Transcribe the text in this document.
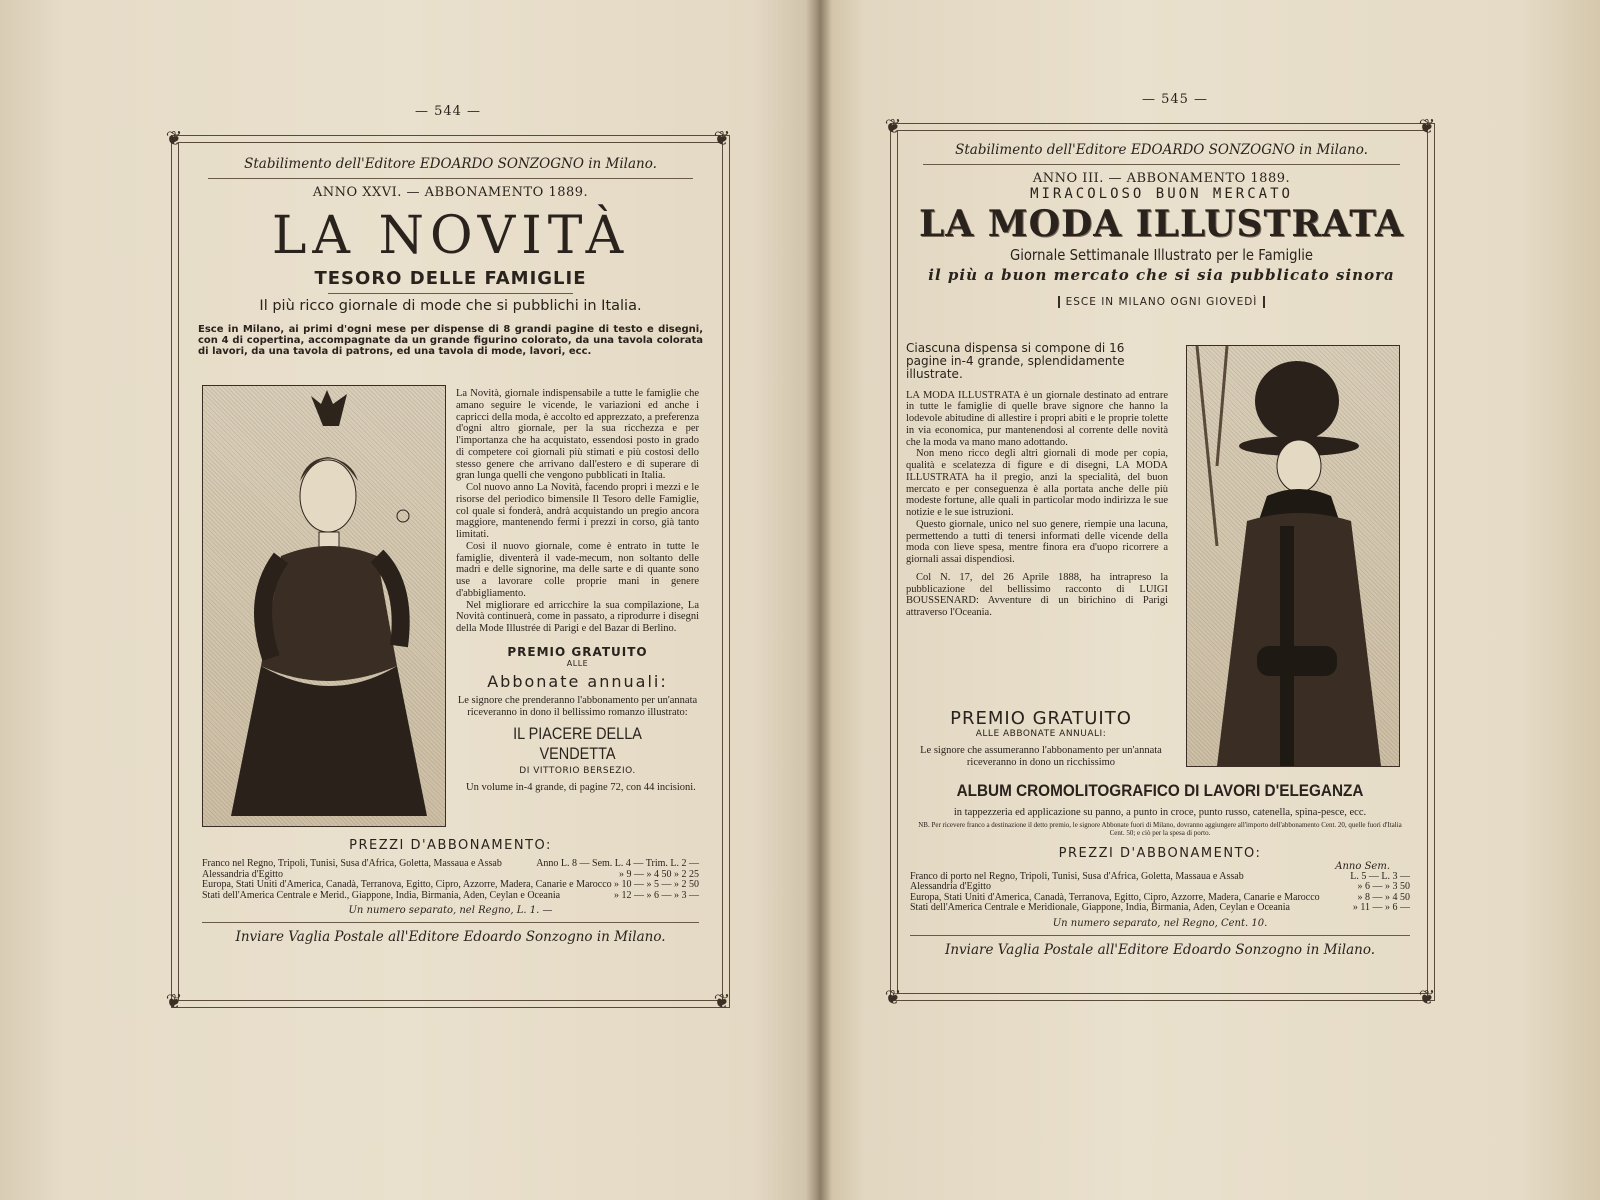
— 544 —
❦	❦
❦	❦
Stabilimento dell'Editore EDOARDO SONZOGNO in Milano.
ANNO XXVI. — ABBONAMENTO 1889.
LA NOVITÀ
TESORO DELLE FAMIGLIE
Il più ricco giornale di mode che si pubblichi in Italia.
Esce in Milano, ai primi d'ogni mese per dispense di 8 grandi pagine di testo e disegni, con 4 di copertina, accompagnate da un grande figurino colorato, da una tavola colorata di lavori, da una tavola di patrons, ed una tavola di mode, lavori, ecc.
La Novità, giornale indispensabile a tutte le famiglie che amano seguire le vicende, le variazioni ed anche i capricci della moda, è accolto ed apprezzato, a preferenza d'ogni altro giornale, per la sua ricchezza e per l'importanza che ha acquistato, essendosi posto in grado di competere coi giornali più stimati e più costosi dello stesso genere che arrivano dall'estero e di superare di gran lunga quelli che vengono pubblicati in Italia.
Col nuovo anno La Novità, facendo propri i mezzi e le risorse del periodico bimensile Il Tesoro delle Famiglie, col quale si fonderà, andrà acquistando un pregio ancora maggiore, mantenendo fermi i prezzi in corso, già tanto limitati.
Così il nuovo giornale, come è entrato in tutte le famiglie, diventerà il vade-mecum, non soltanto delle madri e delle signorine, ma delle sarte e di quante sono use a lavorare colle proprie mani in genere d'abbigliamento.
Nel migliorare ed arricchire la sua compilazione, La Novità continuerà, come in passato, a riprodurre i disegni della Mode Illustrée di Parigi e del Bazar di Berlino.
PREMIO GRATUITO
ALLE
Abbonate annuali:
Le signore che prenderanno l'abbonamento per un'annata riceveranno in dono il bellissimo romanzo illustrato:
IL PIACERE DELLA VENDETTA
DI VITTORIO BERSEZIO.
Un volume in-4 grande, di pagine 72, con 44 incisioni.
PREZZI D'ABBONAMENTO:
Franco nel Regno, Tripoli, Tunisi, Susa d'Africa, Goletta, Massaua e Assab	Anno L. 8 — Sem. L. 4 — Trim. L. 2 —
Alessandria d'Egitto	» 9 — » 4 50 » 2 25
Europa, Stati Uniti d'America, Canadà, Terranova, Egitto, Cipro, Azzorre, Madera, Canarie e Marocco » 10 — » 5 — » 2 50
Stati dell'America Centrale e Merid., Giappone, India, Birmania, Aden, Ceylan e Oceania	» 12 — » 6 — » 3 —
Un numero separato, nel Regno, L. 1. —
Inviare Vaglia Postale all'Editore Edoardo Sonzogno in Milano.
— 545 —
❦	❦
❦	❦
Stabilimento dell'Editore EDOARDO SONZOGNO in Milano.
ANNO III. — ABBONAMENTO 1889.
MIRACOLOSO BUON MERCATO
LA MODA ILLUSTRATA
Giornale Settimanale Illustrato per le Famiglie
il più a buon mercato che si sia pubblicato sinora
ESCE IN MILANO OGNI GIOVEDÌ
Ciascuna dispensa si compone di 16 pagine in-4 grande, splendidamente illustrate.
LA MODA ILLUSTRATA è un giornale destinato ad entrare in tutte le famiglie di quelle brave signore che hanno la lodevole abitudine di allestire i propri abiti e le proprie tolette in via economica, pur mantenendosi al corrente delle novità che la moda va mano mano adottando.
Non meno ricco degli altri giornali di mode per copia, qualità e scelatezza di figure e di disegni, LA MODA ILLUSTRATA ha il pregio, anzi la specialità, del buon mercato e per conseguenza è alla portata anche delle più modeste fortune, alle quali in particolar modo indirizza le sue notizie e le sue istruzioni.
Questo giornale, unico nel suo genere, riempie una lacuna, permettendo a tutti di tenersi informati delle vicende della moda con lieve spesa, mentre finora era d'uopo ricorrere a giornali assai dispendiosi.
Col N. 17, del 26 Aprile 1888, ha intrapreso la pubblicazione del bellissimo racconto di LUIGI BOUSSENARD: Avventure di un birichino di Parigi attraverso l'Oceania.
PREMIO GRATUITO
ALLE ABBONATE ANNUALI:
Le signore che assumeranno l'abbonamento per un'annata riceveranno in dono un ricchissimo
ALBUM CROMOLITOGRAFICO DI LAVORI D'ELEGANZA
in tappezzeria ed applicazione su panno, a punto in croce, punto russo, catenella, spina-pesce, ecc.
NB. Per ricevere franco a destinazione il detto premio, le signore Abbonate fuori di Milano, dovranno aggiungere all'importo dell'abbonamento Cent. 20, quelle fuori d'Italia Cent. 50; e ciò per la spesa di porto.
PREZZI D'ABBONAMENTO:
Anno Sem.
Franco di porto nel Regno, Tripoli, Tunisi, Susa d'Africa, Goletta, Massaua e Assab	L. 5 — L. 3 —
Alessandria d'Egitto	» 6 — » 3 50
Europa, Stati Uniti d'America, Canadà, Terranova, Egitto, Cipro, Azzorre, Madera, Canarie e Marocco	» 8 — » 4 50
Stati dell'America Centrale e Meridionale, Giappone, India, Birmania, Aden, Ceylan e Oceania	» 11 — » 6 —
Un numero separato, nel Regno, Cent. 10.
Inviare Vaglia Postale all'Editore Edoardo Sonzogno in Milano.
